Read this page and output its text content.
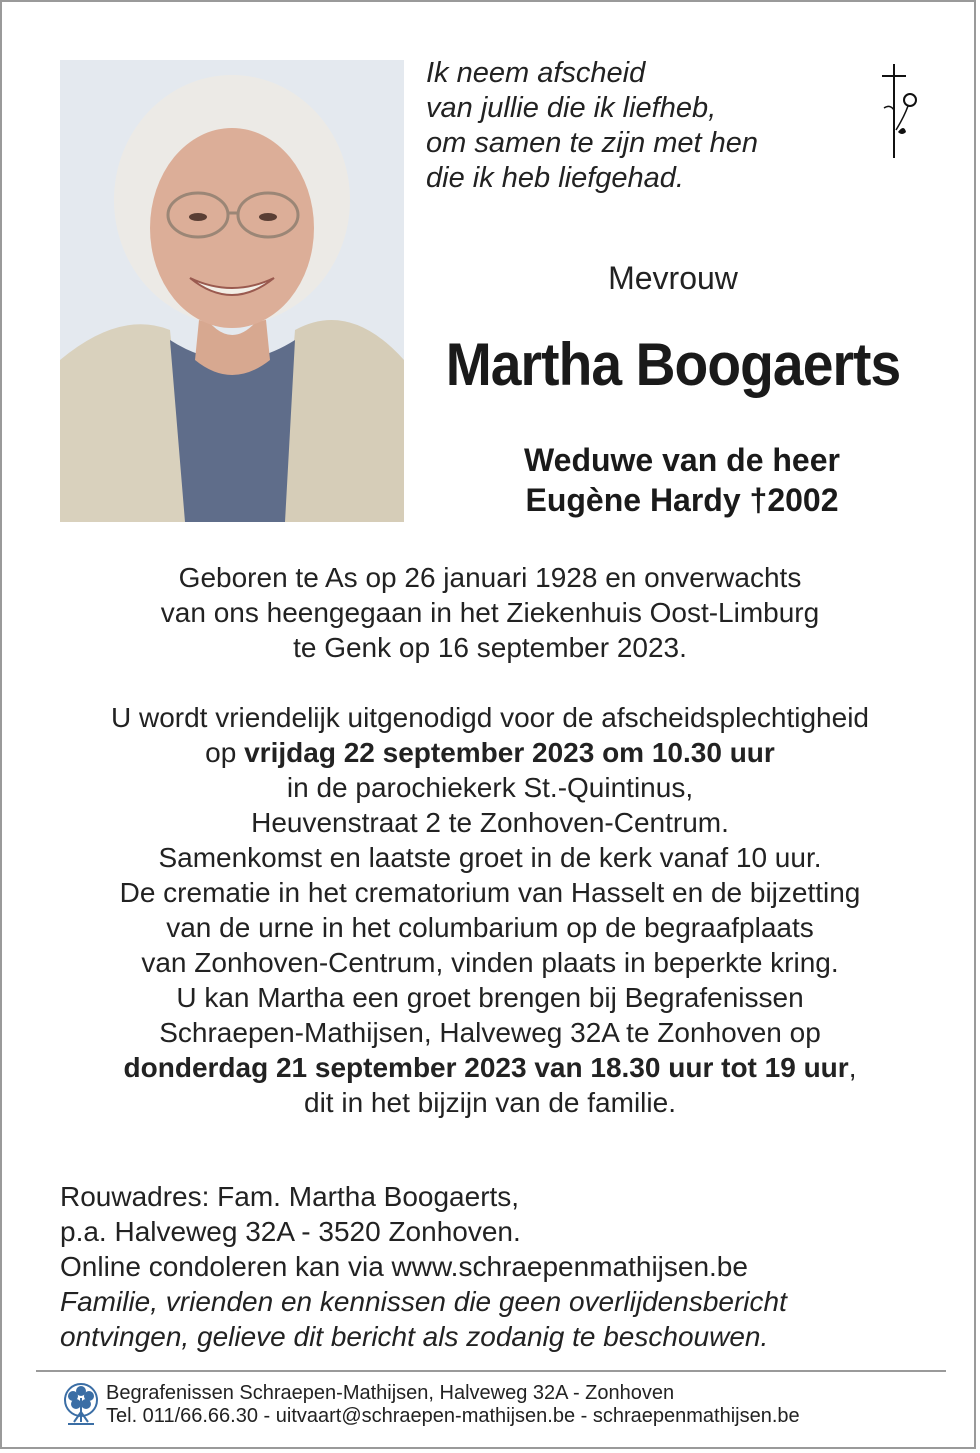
Ik neem afscheid
van jullie die ik liefheb,
om samen te zijn met hen
die ik heb liefgehad.
Mevrouw
Martha Boogaerts
Weduwe van de heer
Eugène Hardy †2002
Geboren te As op 26 januari 1928 en onverwachts
van ons heengegaan in het Ziekenhuis Oost-Limburg
te Genk op 16 september 2023.
U wordt vriendelijk uitgenodigd voor de afscheidsplechtigheid
op vrijdag 22 september 2023 om 10.30 uur
in de parochiekerk St.-Quintinus,
Heuvenstraat 2 te Zonhoven-Centrum.
Samenkomst en laatste groet in de kerk vanaf 10 uur.
De crematie in het crematorium van Hasselt en de bijzetting
van de urne in het columbarium op de begraafplaats
van Zonhoven-Centrum, vinden plaats in beperkte kring.
U kan Martha een groet brengen bij Begrafenissen
Schraepen-Mathijsen, Halveweg 32A te Zonhoven op
donderdag 21 september 2023 van 18.30 uur tot 19 uur,
dit in het bijzijn van de familie.
Rouwadres: Fam. Martha Boogaerts,
p.a. Halveweg 32A - 3520 Zonhoven.
Online condoleren kan via www.schraepenmathijsen.be
Familie, vrienden en kennissen die geen overlijdensbericht
ontvingen, gelieve dit bericht als zodanig te beschouwen.
Begrafenissen Schraepen-Mathijsen, Halveweg 32A - Zonhoven
Tel. 011/66.66.30 - uitvaart@schraepen-mathijsen.be - schraepenmathijsen.be
